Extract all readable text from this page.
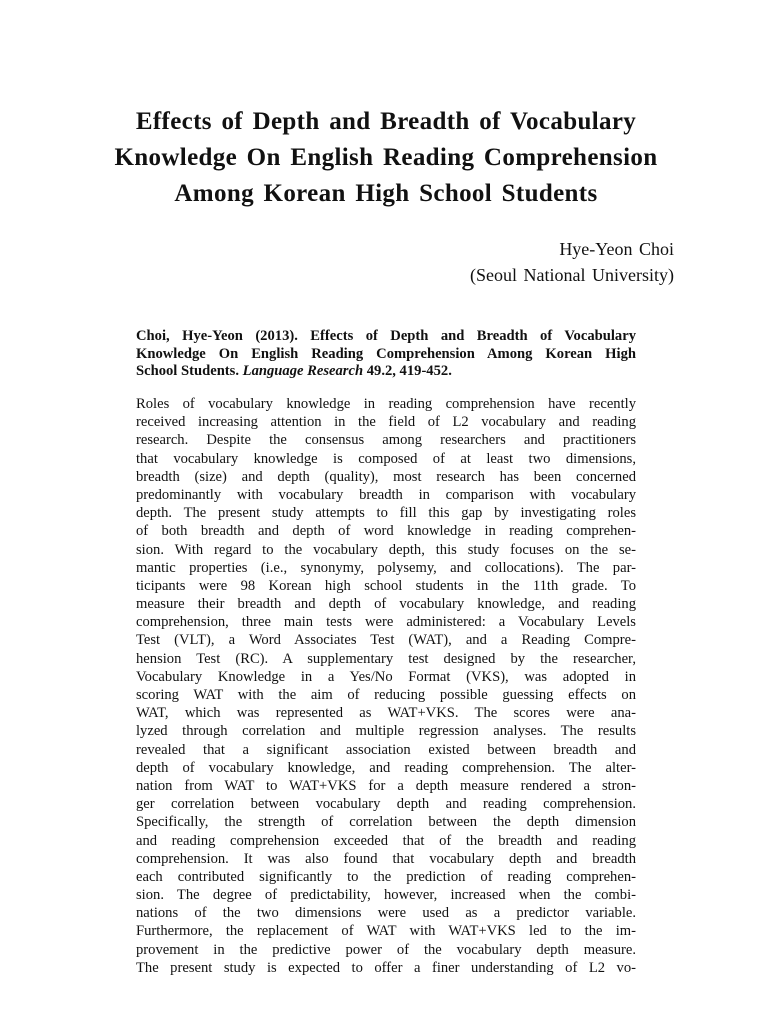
Effects of Depth and Breadth of Vocabulary
Knowledge On English Reading Comprehension
Among Korean High School Students
Hye-Yeon Choi
(Seoul National University)
Choi, Hye-Yeon (2013). Effects of Depth and Breadth of Vocabulary
Knowledge On English Reading Comprehension Among Korean High
School Students. Language Research 49.2, 419-452.
Roles of vocabulary knowledge in reading comprehension have recently
received increasing attention in the field of L2 vocabulary and reading
research. Despite the consensus among researchers and practitioners
that vocabulary knowledge is composed of at least two dimensions,
breadth (size) and depth (quality), most research has been concerned
predominantly with vocabulary breadth in comparison with vocabulary
depth. The present study attempts to fill this gap by investigating roles
of both breadth and depth of word knowledge in reading comprehen-
sion. With regard to the vocabulary depth, this study focuses on the se-
mantic properties (i.e., synonymy, polysemy, and collocations). The par-
ticipants were 98 Korean high school students in the 11th grade. To
measure their breadth and depth of vocabulary knowledge, and reading
comprehension, three main tests were administered: a Vocabulary Levels
Test (VLT), a Word Associates Test (WAT), and a Reading Compre-
hension Test (RC). A supplementary test designed by the researcher,
Vocabulary Knowledge in a Yes/No Format (VKS), was adopted in
scoring WAT with the aim of reducing possible guessing effects on
WAT, which was represented as WAT+VKS. The scores were ana-
lyzed through correlation and multiple regression analyses. The results
revealed that a significant association existed between breadth and
depth of vocabulary knowledge, and reading comprehension. The alter-
nation from WAT to WAT+VKS for a depth measure rendered a stron-
ger correlation between vocabulary depth and reading comprehension.
Specifically, the strength of correlation between the depth dimension
and reading comprehension exceeded that of the breadth and reading
comprehension. It was also found that vocabulary depth and breadth
each contributed significantly to the prediction of reading comprehen-
sion. The degree of predictability, however, increased when the combi-
nations of the two dimensions were used as a predictor variable.
Furthermore, the replacement of WAT with WAT+VKS led to the im-
provement in the predictive power of the vocabulary depth measure.
The present study is expected to offer a finer understanding of L2 vo-
